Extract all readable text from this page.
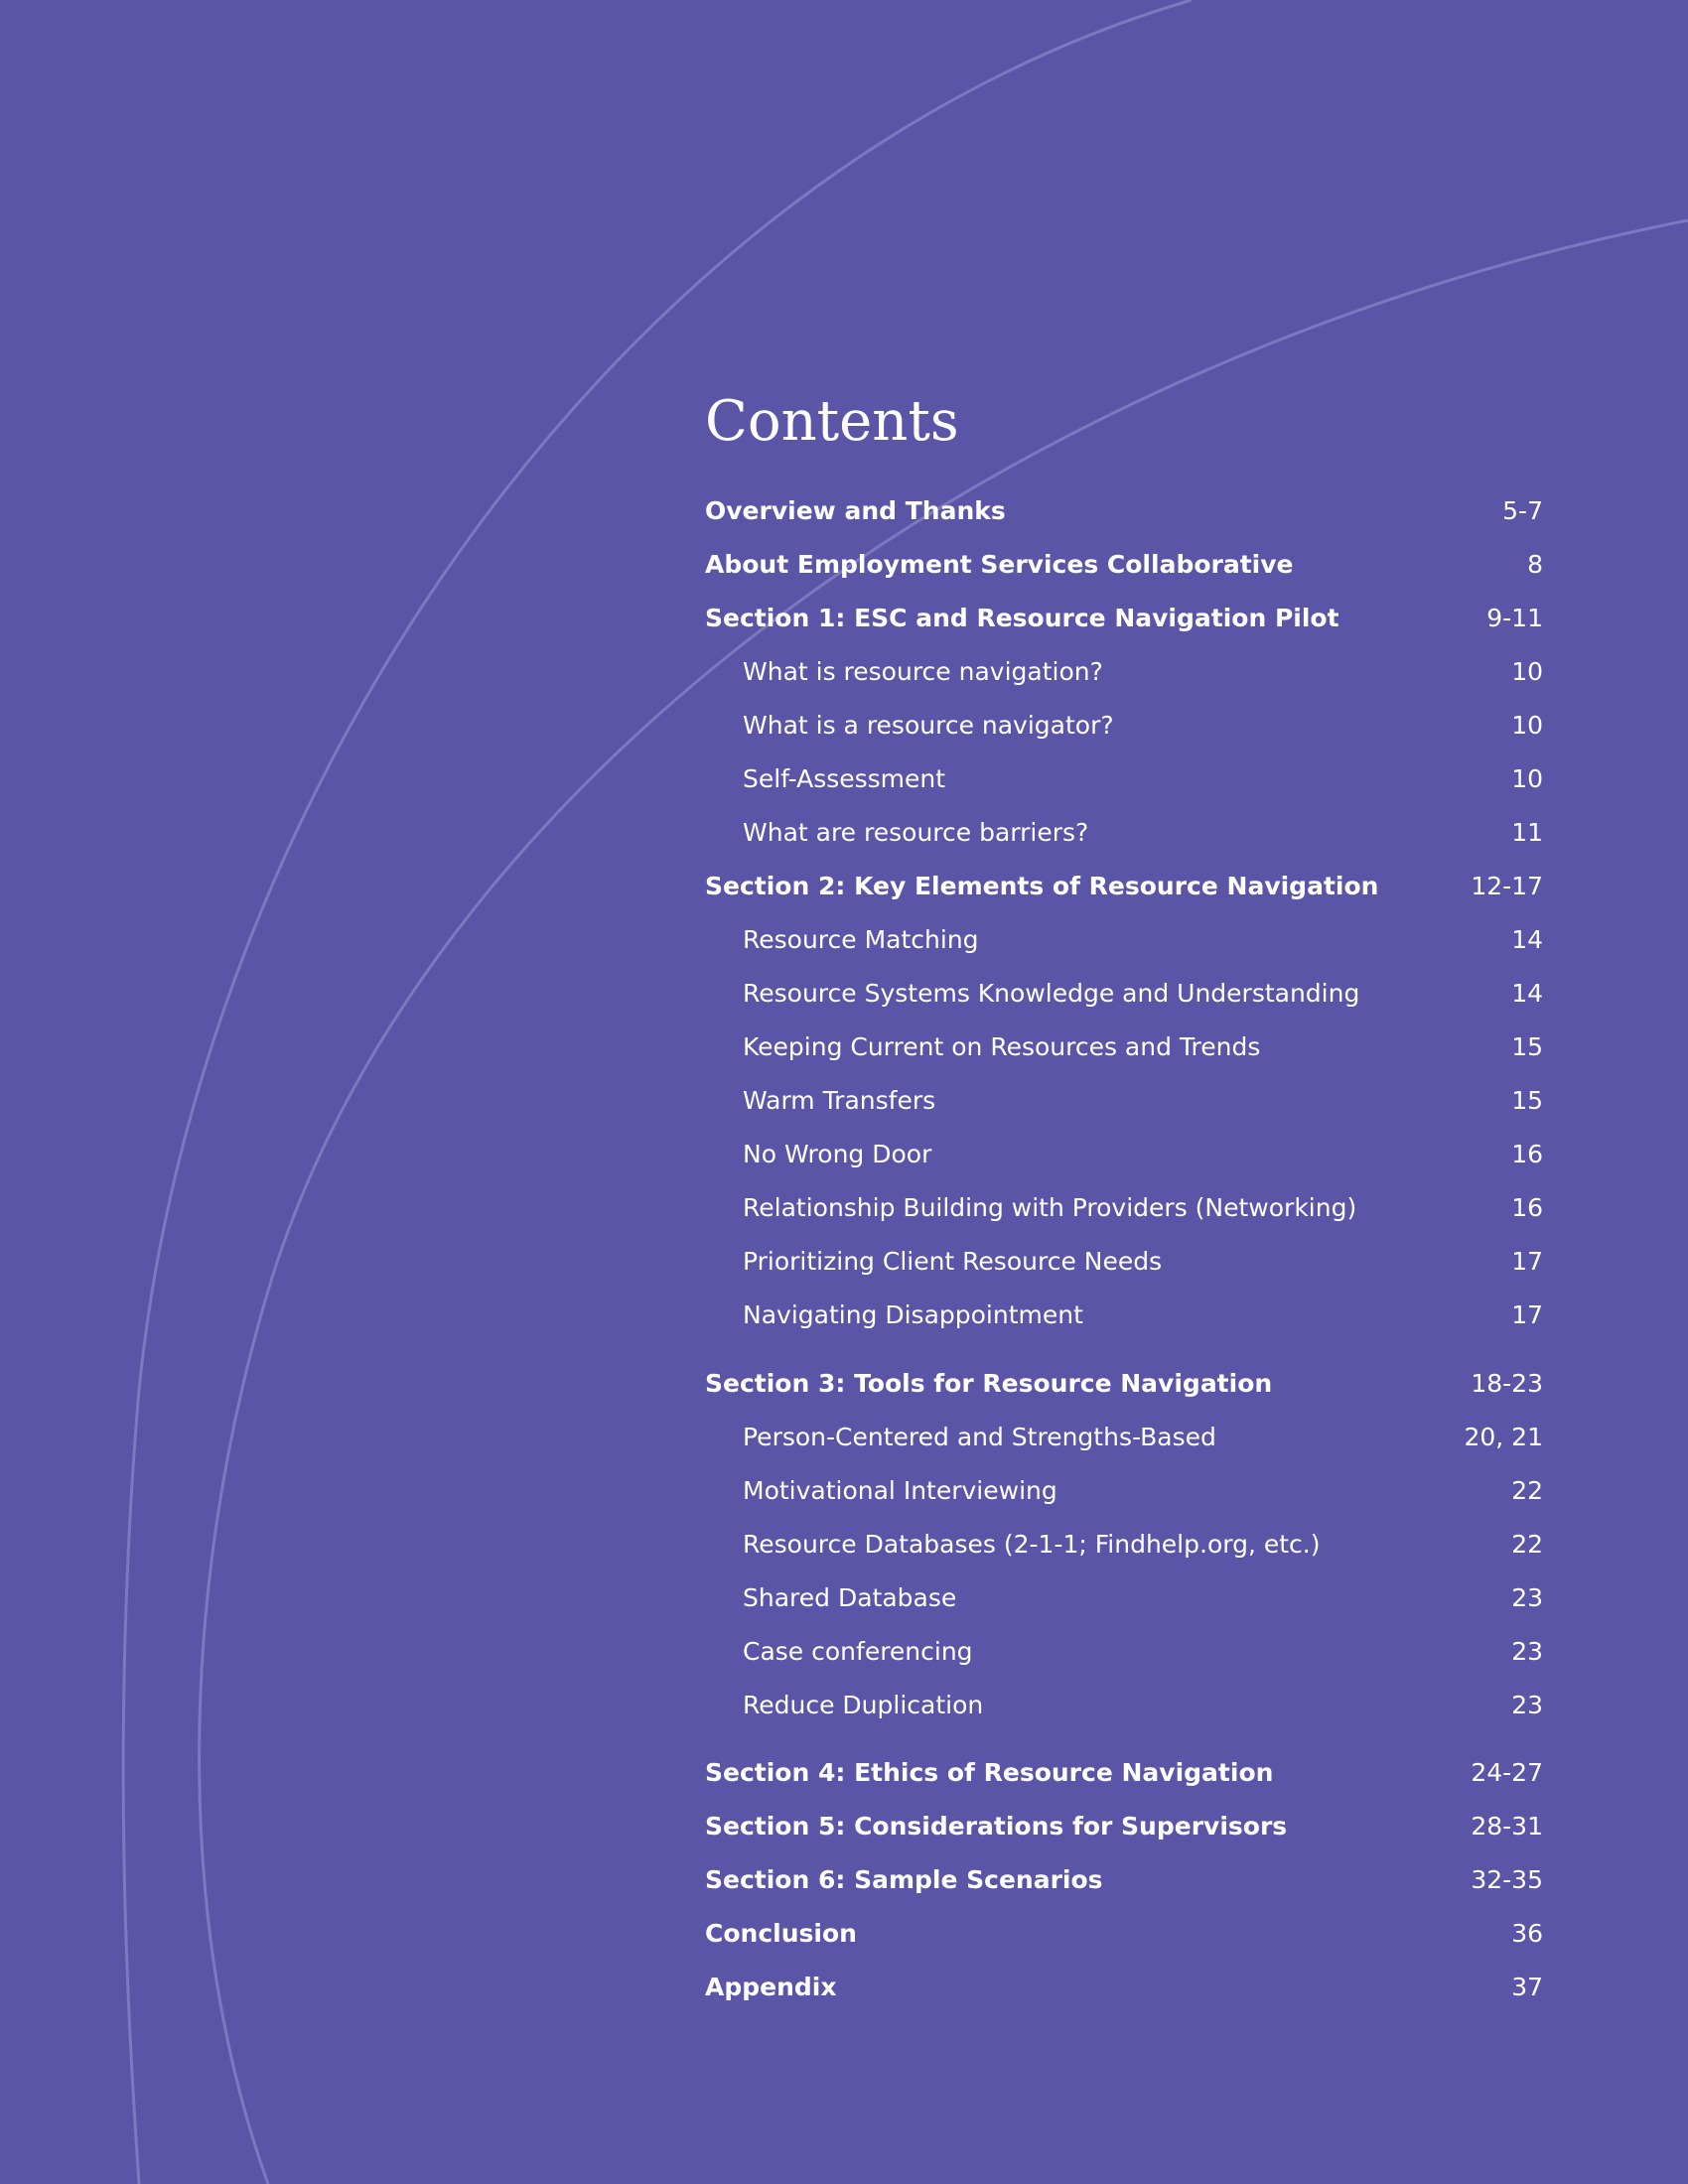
Contents
Overview and Thanks	5-7
About Employment Services Collaborative	8
Section 1: ESC and Resource Navigation Pilot	9-11
What is resource navigation?	10
What is a resource navigator?	10
Self-Assessment	10
What are resource barriers?	11
Section 2: Key Elements of Resource Navigation	12-17
Resource Matching	14
Resource Systems Knowledge and Understanding	14
Keeping Current on Resources and Trends	15
Warm Transfers	15
No Wrong Door	16
Relationship Building with Providers (Networking)	16
Prioritizing Client Resource Needs	17
Navigating Disappointment	17
Section 3: Tools for Resource Navigation	18-23
Person-Centered and Strengths-Based	20, 21
Motivational Interviewing	22
Resource Databases (2-1-1; Findhelp.org, etc.)	22
Shared Database	23
Case conferencing	23
Reduce Duplication	23
Section 4: Ethics of Resource Navigation	24-27
Section 5: Considerations for Supervisors	28-31
Section 6: Sample Scenarios	32-35
Conclusion	36
Appendix	37
